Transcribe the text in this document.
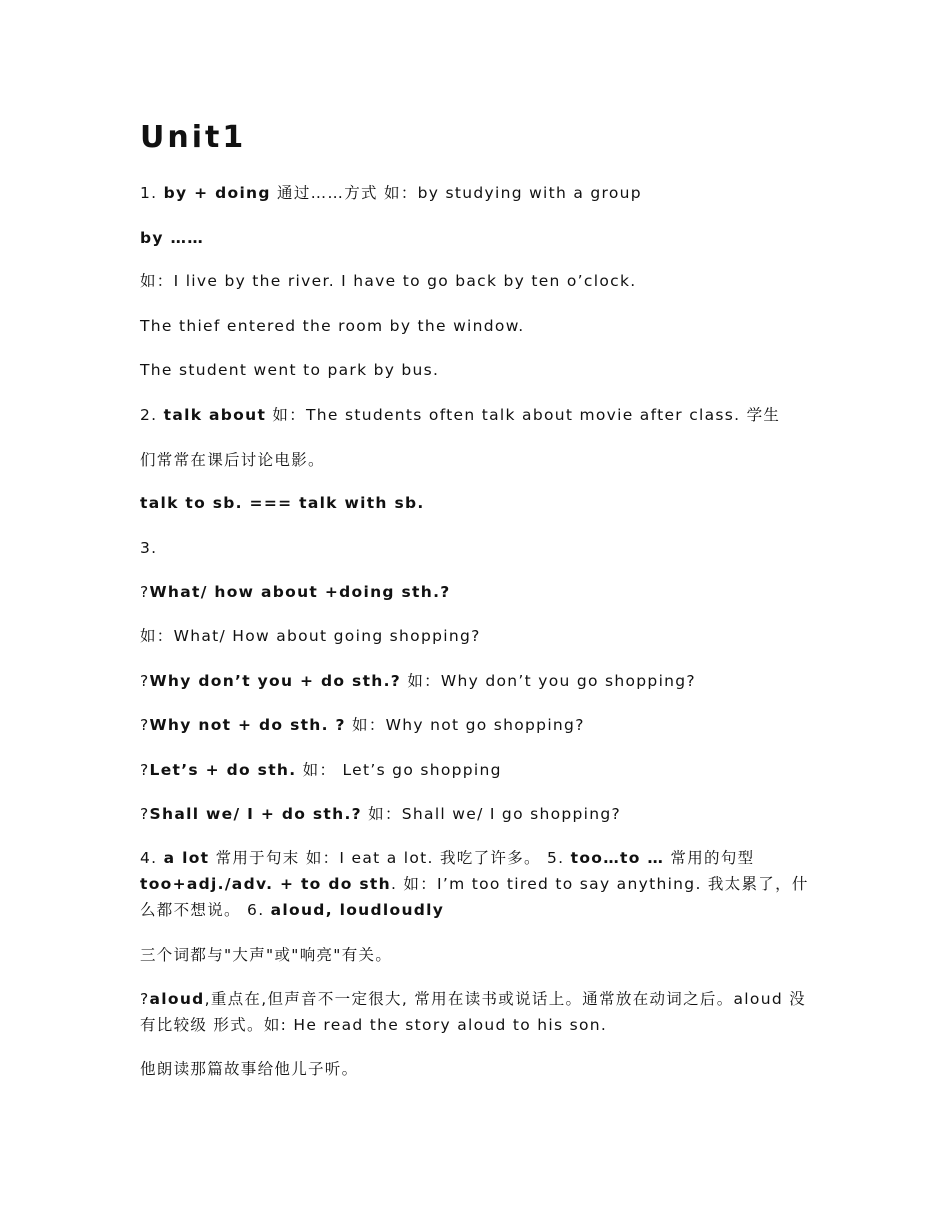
Unit1

1. by + doing 通过……方式 如：by studying with a group

by ……

如：I live by the river. I have to go back by ten o’clock.

The thief entered the room by the window.

The student went to park by bus.

2. talk about 如：The students often talk about movie after class. 学生

们常常在课后讨论电影。

talk to sb. === talk with sb.

3.

?What/ how about +doing sth.?

如：What/ How about going shopping?

?Why don’t you + do sth.? 如：Why don’t you go shopping?

?Why not + do sth. ? 如：Why not go shopping?

?Let’s + do sth. 如： Let’s go shopping

?Shall we/ I + do sth.? 如：Shall we/ I go shopping?

4. a lot 常用于句末 如：I eat a lot. 我吃了许多。 5. too…to … 常用的句型
too+adj./adv. + to do sth. 如：I’m too tired to say anything. 我太累了，什么都不想说。 6. aloud, loudloudly

三个词都与"大声"或"响亮"有关。

?aloud,重点在,但声音不一定很大, 常用在读书或说话上。通常放在动词之后。aloud 没有比较级 形式。如: He read the story aloud to his son.

他朗读那篇故事给他儿子听。
